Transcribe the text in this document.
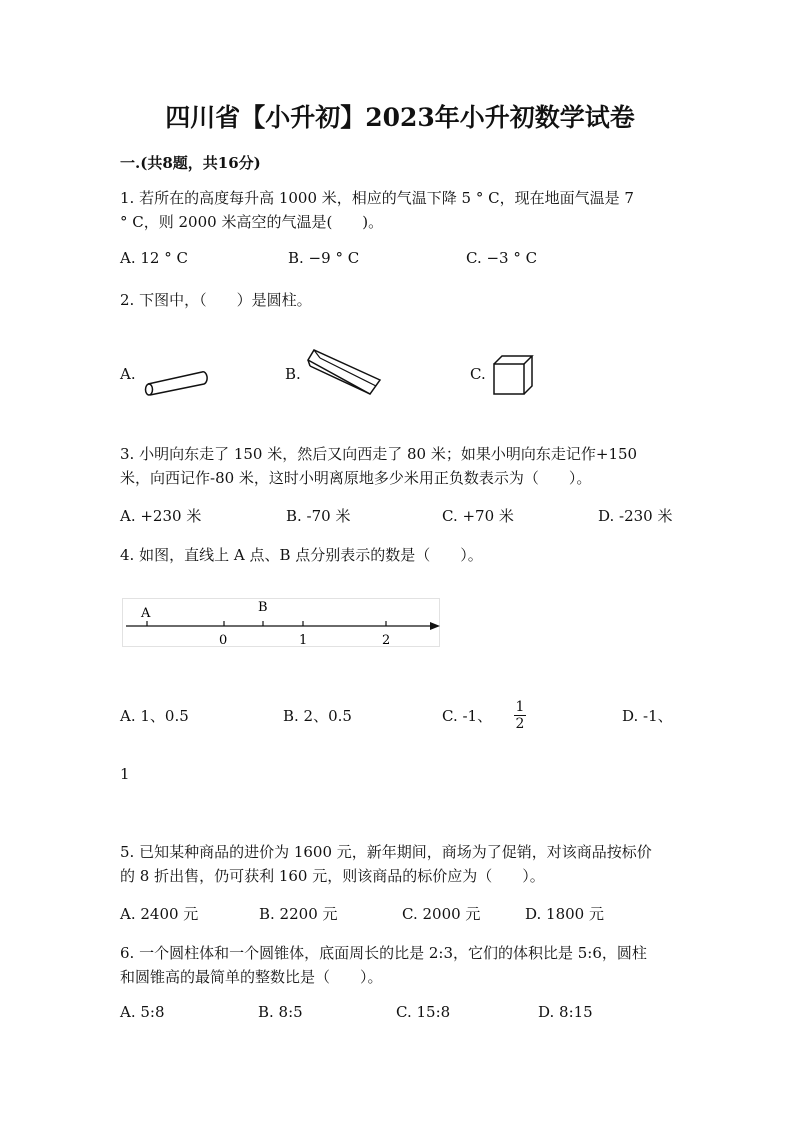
四川省【小升初】2023年小升初数学试卷
一.(共8题，共16分)
1. 若所在的高度每升高 1000 米，相应的气温下降 5 ° C，现在地面气温是 7
° C，则 2000 米高空的气温是(　　)。
A. 12 ° C	B. −9 ° C	C. −3 ° C
2. 下图中，（　　）是圆柱。
A.	B.	C.
3. 小明向东走了 150 米，然后又向西走了 80 米；如果小明向东走记作+150
米，向西记作-80 米，这时小明离原地多少米用正负数表示为（　　）。
A. +230 米	B. -70 米	C. +70 米	D. -230 米
4. 如图，直线上 A 点、B 点分别表示的数是（　　）。
A	B
0	1	2
A. 1、0.5	B. 2、0.5	C. -1、 1
2	D. -1、
1
5. 已知某种商品的进价为 1600 元，新年期间，商场为了促销，对该商品按标价
的 8 折出售，仍可获利 160 元，则该商品的标价应为（　　）。
A. 2400 元	B. 2200 元	C. 2000 元	D. 1800 元
6. 一个圆柱体和一个圆锥体，底面周长的比是 2:3，它们的体积比是 5:6，圆柱
和圆锥高的最简单的整数比是（　　）。
A. 5:8	B. 8:5	C. 15:8	D. 8:15
